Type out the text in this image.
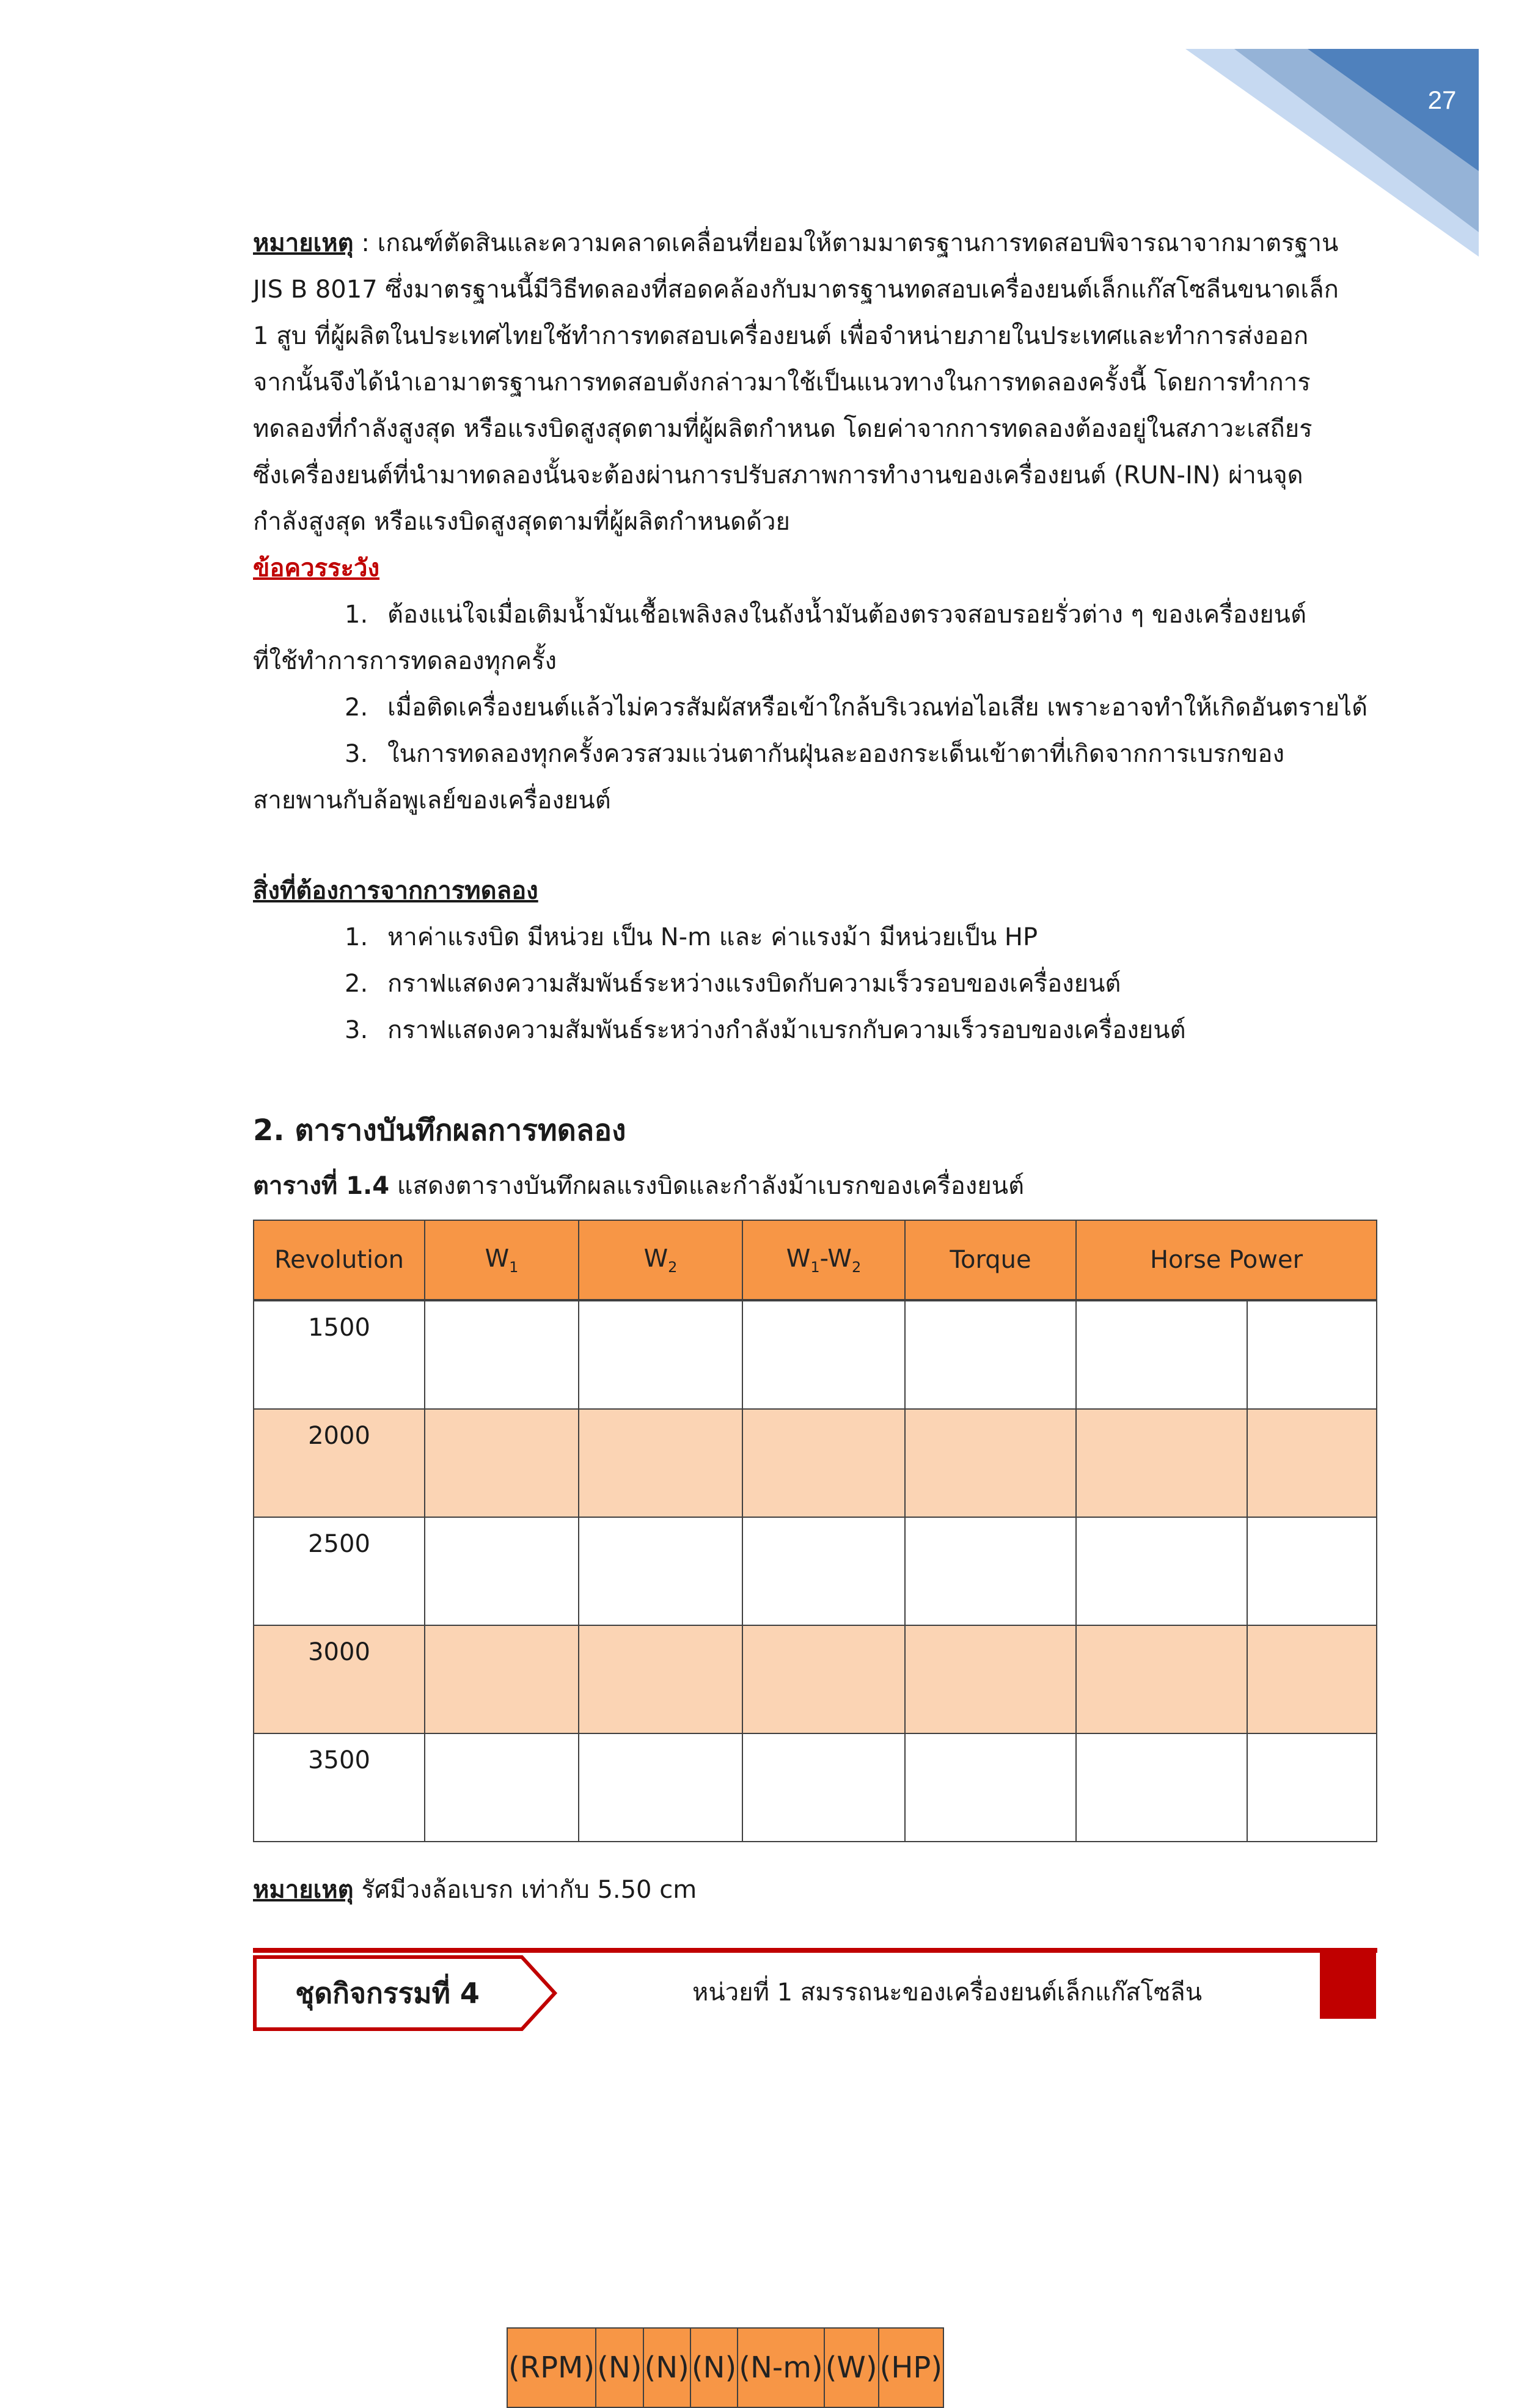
27

หมายเหตุ : เกณฑ์ตัดสินและความคลาดเคลื่อนที่ยอมให้ตามมาตรฐานการทดสอบพิจารณาจากมาตรฐาน

JIS B 8017 ซึ่งมาตรฐานนี้มีวิธีทดลองที่สอดคล้องกับมาตรฐานทดสอบเครื่องยนต์เล็กแก๊สโซลีนขนาดเล็ก

1 สูบ ที่ผู้ผลิตในประเทศไทยใช้ทำการทดสอบเครื่องยนต์ เพื่อจำหน่ายภายในประเทศและทำการส่งออก

จากนั้นจึงได้นำเอามาตรฐานการทดสอบดังกล่าวมาใช้เป็นแนวทางในการทดลองครั้งนี้ โดยการทำการ

ทดลองที่กำลังสูงสุด หรือแรงบิดสูงสุดตามที่ผู้ผลิตกำหนด โดยค่าจากการทดลองต้องอยู่ในสภาวะเสถียร

ซึ่งเครื่องยนต์ที่นำมาทดลองนั้นจะต้องผ่านการปรับสภาพการทำงานของเครื่องยนต์ (RUN-IN) ผ่านจุด

กำลังสูงสุด หรือแรงบิดสูงสุดตามที่ผู้ผลิตกำหนดด้วย

ข้อควรระวัง

1. ต้องแน่ใจเมื่อเติมน้ำมันเชื้อเพลิงลงในถังน้ำมันต้องตรวจสอบรอยรั่วต่าง ๆ ของเครื่องยนต์

ที่ใช้ทำการการทดลองทุกครั้ง

2. เมื่อติดเครื่องยนต์แล้วไม่ควรสัมผัสหรือเข้าใกล้บริเวณท่อไอเสีย เพราะอาจทำให้เกิดอันตรายได้

3. ในการทดลองทุกครั้งควรสวมแว่นตากันฝุ่นละอองกระเด็นเข้าตาที่เกิดจากการเบรกของ

สายพานกับล้อพูเลย์ของเครื่องยนต์

สิ่งที่ต้องการจากการทดลอง

1. หาค่าแรงบิด มีหน่วย เป็น N-m และ ค่าแรงม้า มีหน่วยเป็น HP

2. กราฟแสดงความสัมพันธ์ระหว่างแรงบิดกับความเร็วรอบของเครื่องยนต์

3. กราฟแสดงความสัมพันธ์ระหว่างกำลังม้าเบรกกับความเร็วรอบของเครื่องยนต์

2. ตารางบันทึกผลการทดลอง

ตารางที่ 1.4 แสดงตารางบันทึกผลแรงบิดและกำลังม้าเบรกของเครื่องยนต์

Revolution	$W_1$	$W_2$	$W_1-W_2$	Torque	Horse Power

(RPM)	(N)	(N)	(N)	(N-m)	(W)	(HP)
1500						
2000						
2500						
3000						
3500						

หมายเหตุ รัศมีวงล้อเบรก เท่ากับ 5.50 cm

ชุดกิจกรรมที่ 4	หน่วยที่ 1 สมรรถนะของเครื่องยนต์เล็กแก๊สโซลีน
